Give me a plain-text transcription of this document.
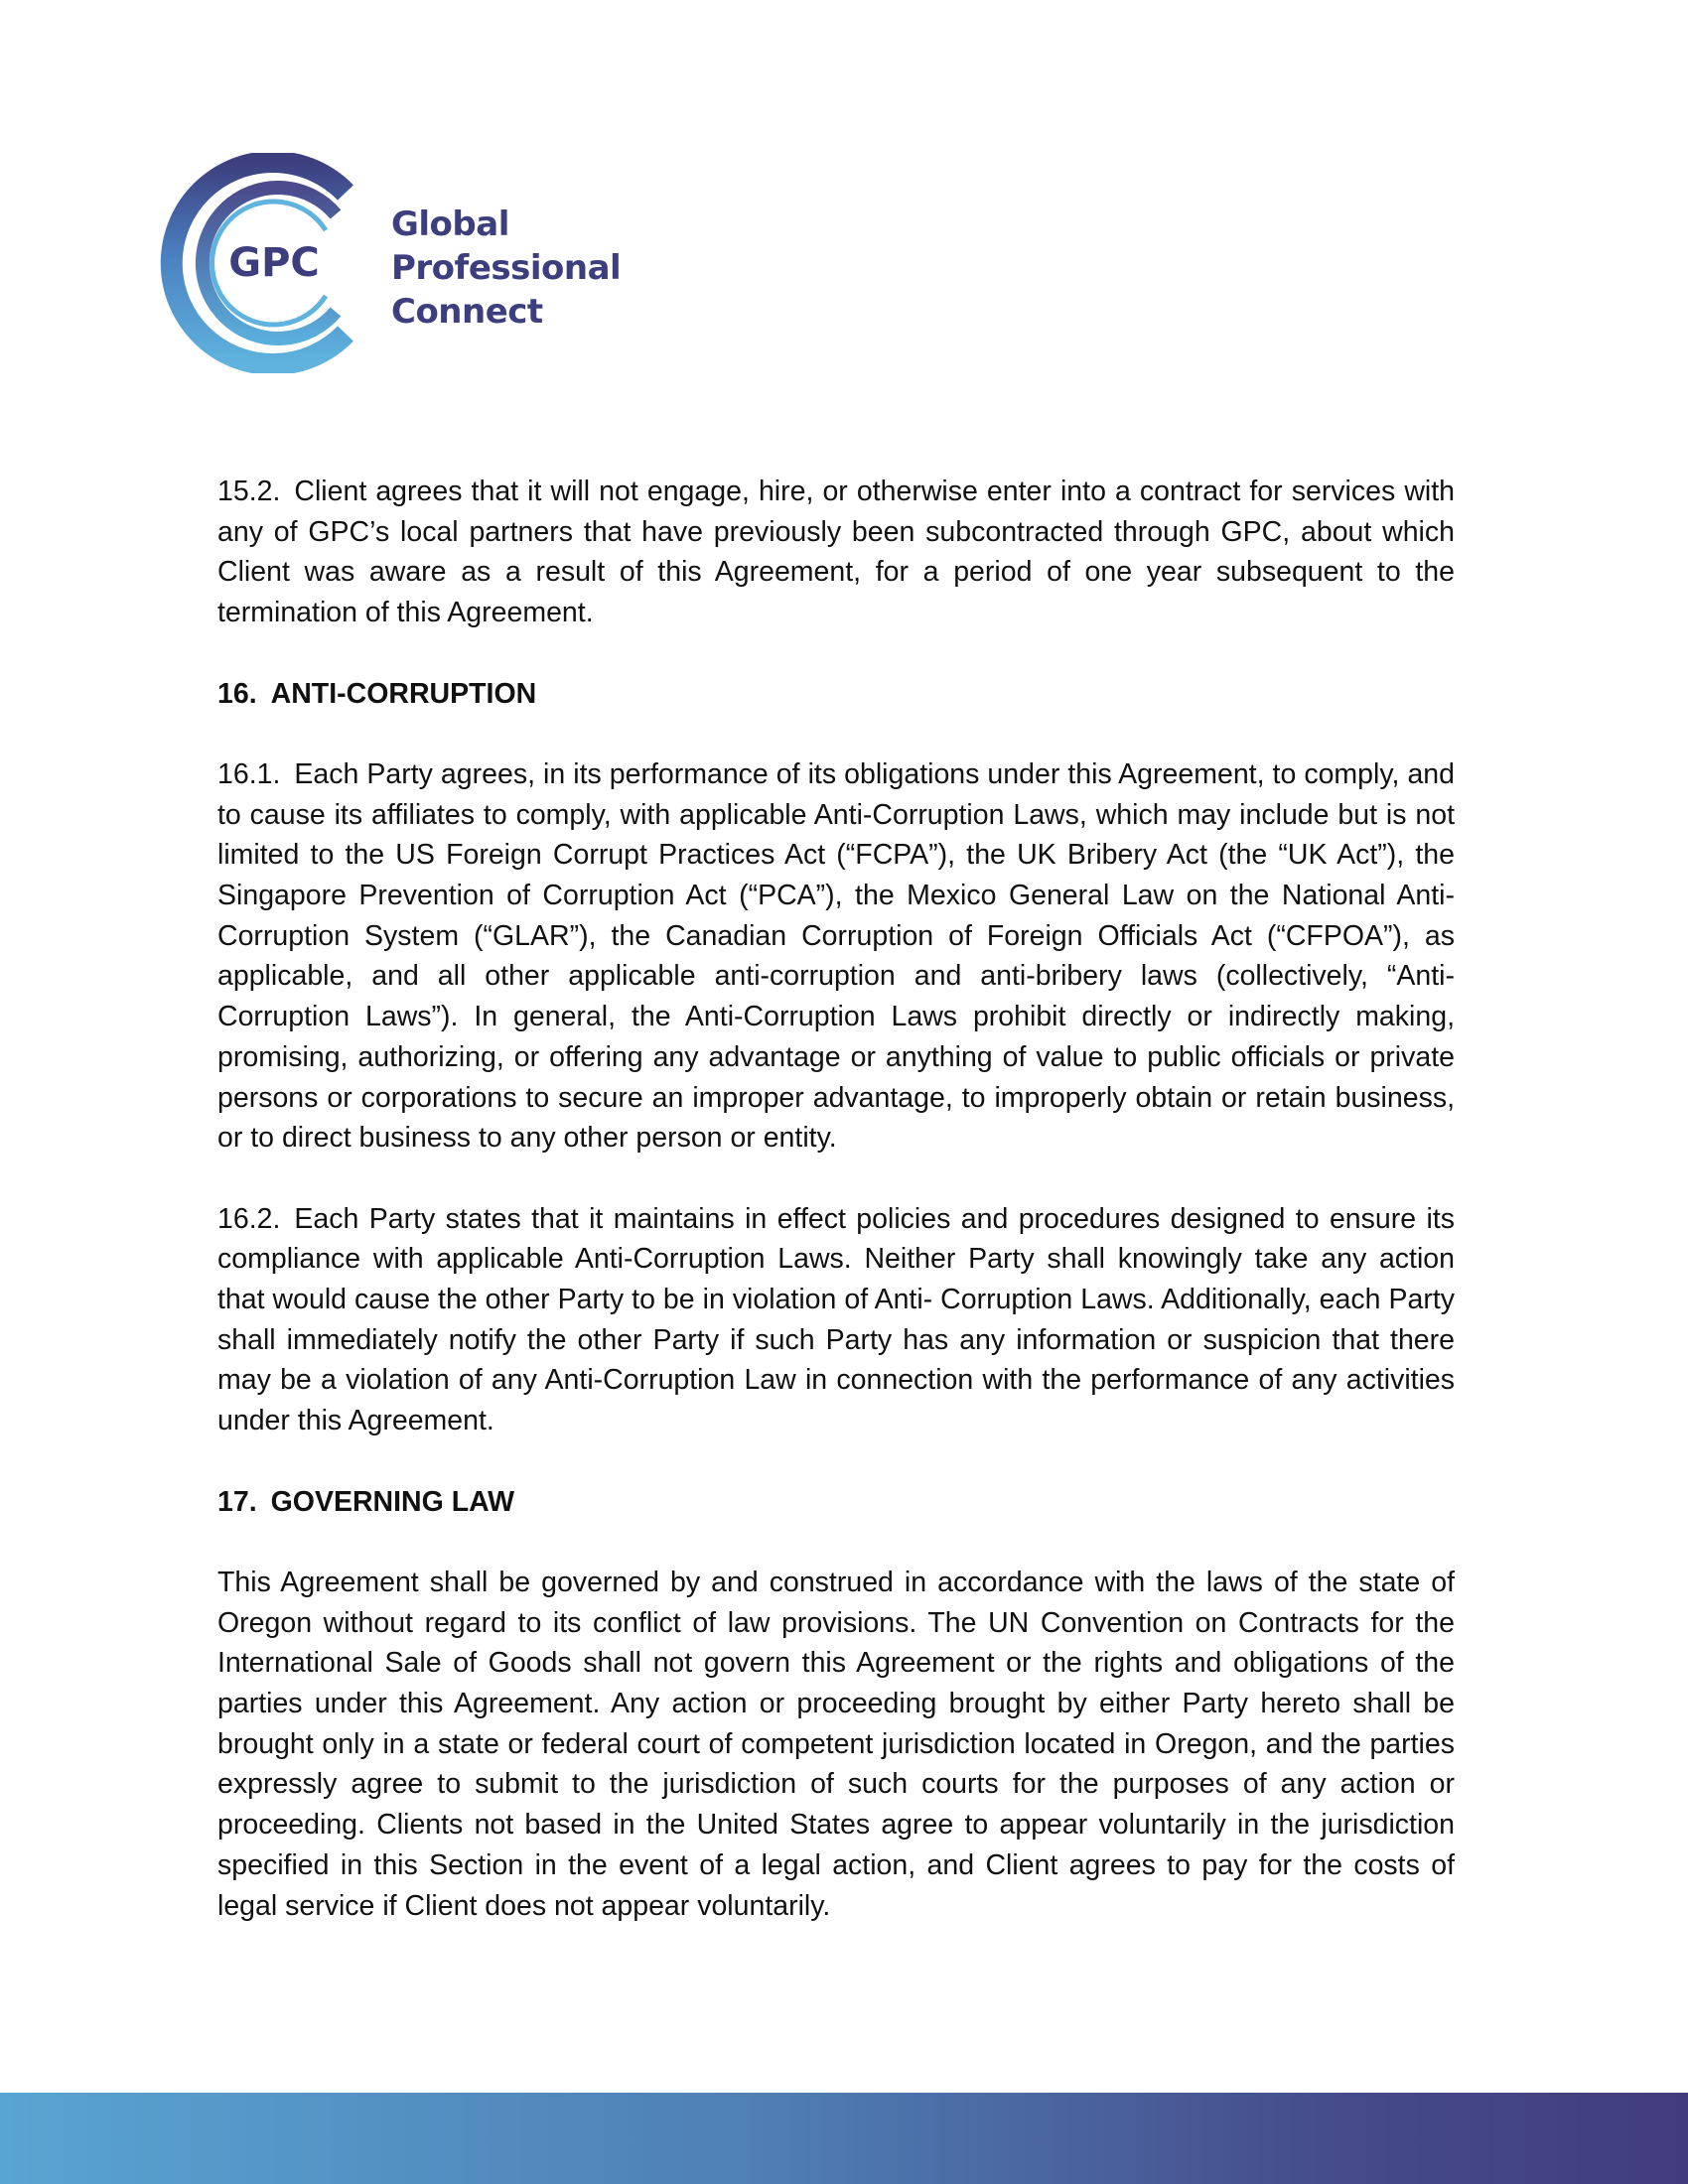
GPC
Global
Professional
Connect

15.2. Client agrees that it will not engage, hire, or otherwise enter into a contract for services with any of GPC’s local partners that have previously been subcontracted through GPC, about which Client was aware as a result of this Agreement, for a period of one year subsequent to the termination of this Agreement.

16. ANTI-CORRUPTION

16.1. Each Party agrees, in its performance of its obligations under this Agreement, to comply, and to cause its affiliates to comply, with applicable Anti-Corruption Laws, which may include but is not limited to the US Foreign Corrupt Practices Act (“FCPA”), the UK Bribery Act (the “UK Act”), the Singapore Prevention of Corruption Act (“PCA”), the Mexico General Law on the National Anti-Corruption System (“GLAR”), the Canadian Corruption of Foreign Officials Act (“CFPOA”), as applicable, and all other applicable anti-corruption and anti-bribery laws (collectively, “Anti-Corruption Laws”). In general, the Anti-Corruption Laws prohibit directly or indirectly making, promising, authorizing, or offering any advantage or anything of value to public officials or private persons or corporations to secure an improper advantage, to improperly obtain or retain business, or to direct business to any other person or entity.

16.2. Each Party states that it maintains in effect policies and procedures designed to ensure its compliance with applicable Anti-Corruption Laws. Neither Party shall knowingly take any action that would cause the other Party to be in violation of Anti- Corruption Laws. Additionally, each Party shall immediately notify the other Party if such Party has any information or suspicion that there may be a violation of any Anti-Corruption Law in connection with the performance of any activities under this Agreement.

17. GOVERNING LAW

This Agreement shall be governed by and construed in accordance with the laws of the state of Oregon without regard to its conflict of law provisions. The UN Convention on Contracts for the International Sale of Goods shall not govern this Agreement or the rights and obligations of the parties under this Agreement. Any action or proceeding brought by either Party hereto shall be brought only in a state or federal court of competent jurisdiction located in Oregon, and the parties expressly agree to submit to the jurisdiction of such courts for the purposes of any action or proceeding. Clients not based in the United States agree to appear voluntarily in the jurisdiction specified in this Section in the event of a legal action, and Client agrees to pay for the costs of legal service if Client does not appear voluntarily.
